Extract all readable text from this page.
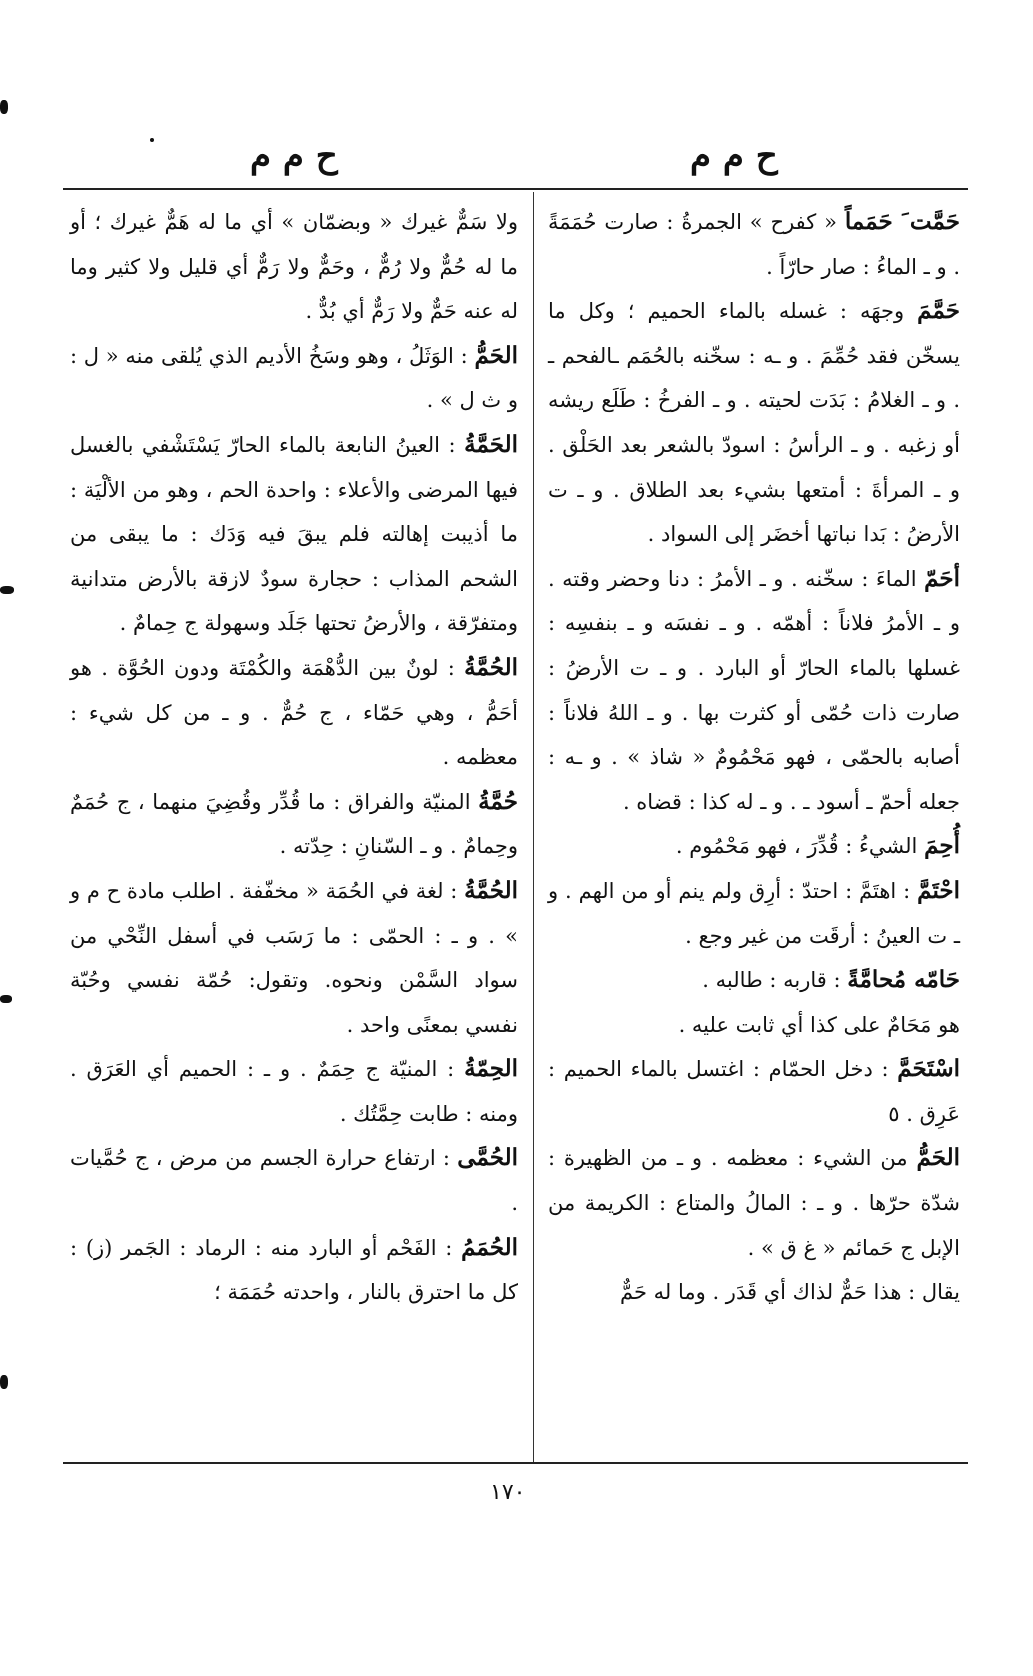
ح م م
ح م م

حَمَّت َ حَمَماً « كفرح » الجمرةُ : صارت حُمَمَةً . و ـ الماءُ : صار حارّاً .

حَمَّمَ وجهَه : غسله بالماء الحميم ؛ وكل ما يسخّن فقد حُمِّمَ . و ـه : سخّنه بالحُمَم ـالفحم ـ . و ـ الغلامُ : بَدَت لحيته . و ـ الفرخُ : طَلَع ريشه أو زغبه . و ـ الرأسُ : اسودّ بالشعر بعد الحَلْق . و ـ المرأةَ : أمتعها بشيء بعد الطلاق . و ـ ت الأرضُ : بَدا نباتها أخضَر إلى السواد .

أحَمّ الماءَ : سخّنه . و ـ الأمرُ : دنا وحضر وقته . و ـ الأمرُ فلاناً : أهمّه . و ـ نفسَه و ـ بنفسِه : غسلها بالماء الحارّ أو البارد . و ـ ت الأرضُ : صارت ذات حُمّى أو كثرت بها . و ـ اللهُ فلاناً : أصابه بالحمّى ، فهو مَحْمُومٌ « شاذ » . و ـه : جعله أحمّ ـ أسود ـ . و ـ له كذا : قضاه .

أُحِمَ الشيءُ : قُدِّرَ ، فهو مَحْمُوم .

احْتَمَّ : اهتَمَّ : احتدّ : أرِق ولم ينم أو من الهم . و ـ ت العينُ : أرقَت من غير وجع .

حَامّه مُحامَّةً : قاربه : طالبه .

هو مَحَامٌ على كذا أي ثابت عليه .

اسْتَحَمَّ : دخل الحمّام : اغتسل بالماء الحميم : عَرِق . ٥

الحَمُّ من الشيء : معظمه . و ـ من الظهيرة : شدّة حرّها . و ـ : المالُ والمتاع : الكريمة من الإبل ج حَمائم « غ ق » .

يقال : هذا حَمٌّ لذاك أي قَدَر . وما له حَمٌّ

ولا سَمٌّ غيرك « وبضمّان » أي ما له هَمٌّ غيرك ؛ أو ما له حُمٌّ ولا رُمٌّ ، وحَمٌّ ولا رَمٌّ أي قليل ولا كثير وما له عنه حَمٌّ ولا رَمٌّ أي بُدٌّ .

الحَمُّ : الوَثَلُ ، وهو وسَخُ الأديم الذي يُلقى منه « ل : و ث ل » .

الحَمَّةُ : العينُ النابعة بالماء الحارّ يَسْتَشْفي بالغسل فيها المرضى والأعلاء : واحدة الحم ، وهو من الألْيَة : ما أذيبت إهالته فلم يبقَ فيه وَدَك : ما يبقى من الشحم المذاب : حجارة سودٌ لازقة بالأرض متدانية ومتفرّقة ، والأرضُ تحتها جَلَد وسهولة ج حِمامٌ .

الحُمَّةُ : لونٌ بين الدُّهْمَة والكُمْتَة ودون الحُوَّة . هو أحَمُّ ، وهي حَمّاء ، ج حُمٌّ . و ـ من كل شيء : معظمه .

حُمَّةُ المنيّة والفراق : ما قُدِّر وقُضِيَ منهما ، ج حُمَمٌ وحِمامٌ . و ـ السّنانِ : حِدّته .

الحُمَّةُ : لغة في الحُمَة « مخفّفة . اطلب مادة ح م و » . و ـ : الحمّى : ما رَسَب في أسفل النِّحْي من سواد السَّمْن ونحوه. وتقول: حُمّة نفسي وحُبّة نفسي بمعنًى واحد .

الحِمّةُ : المنيّة ج حِمَمٌ . و ـ : الحميم أي العَرَق . ومنه : طابت حِمَّتُك .

الحُمَّى : ارتفاع حرارة الجسم من مرض ، ج حُمَّيات .

الحُمَمُ : الفَحْم أو البارد منه : الرماد : الجَمر (ز) : كل ما احترق بالنار ، واحدته حُمَمَة ؛

١٧٠
